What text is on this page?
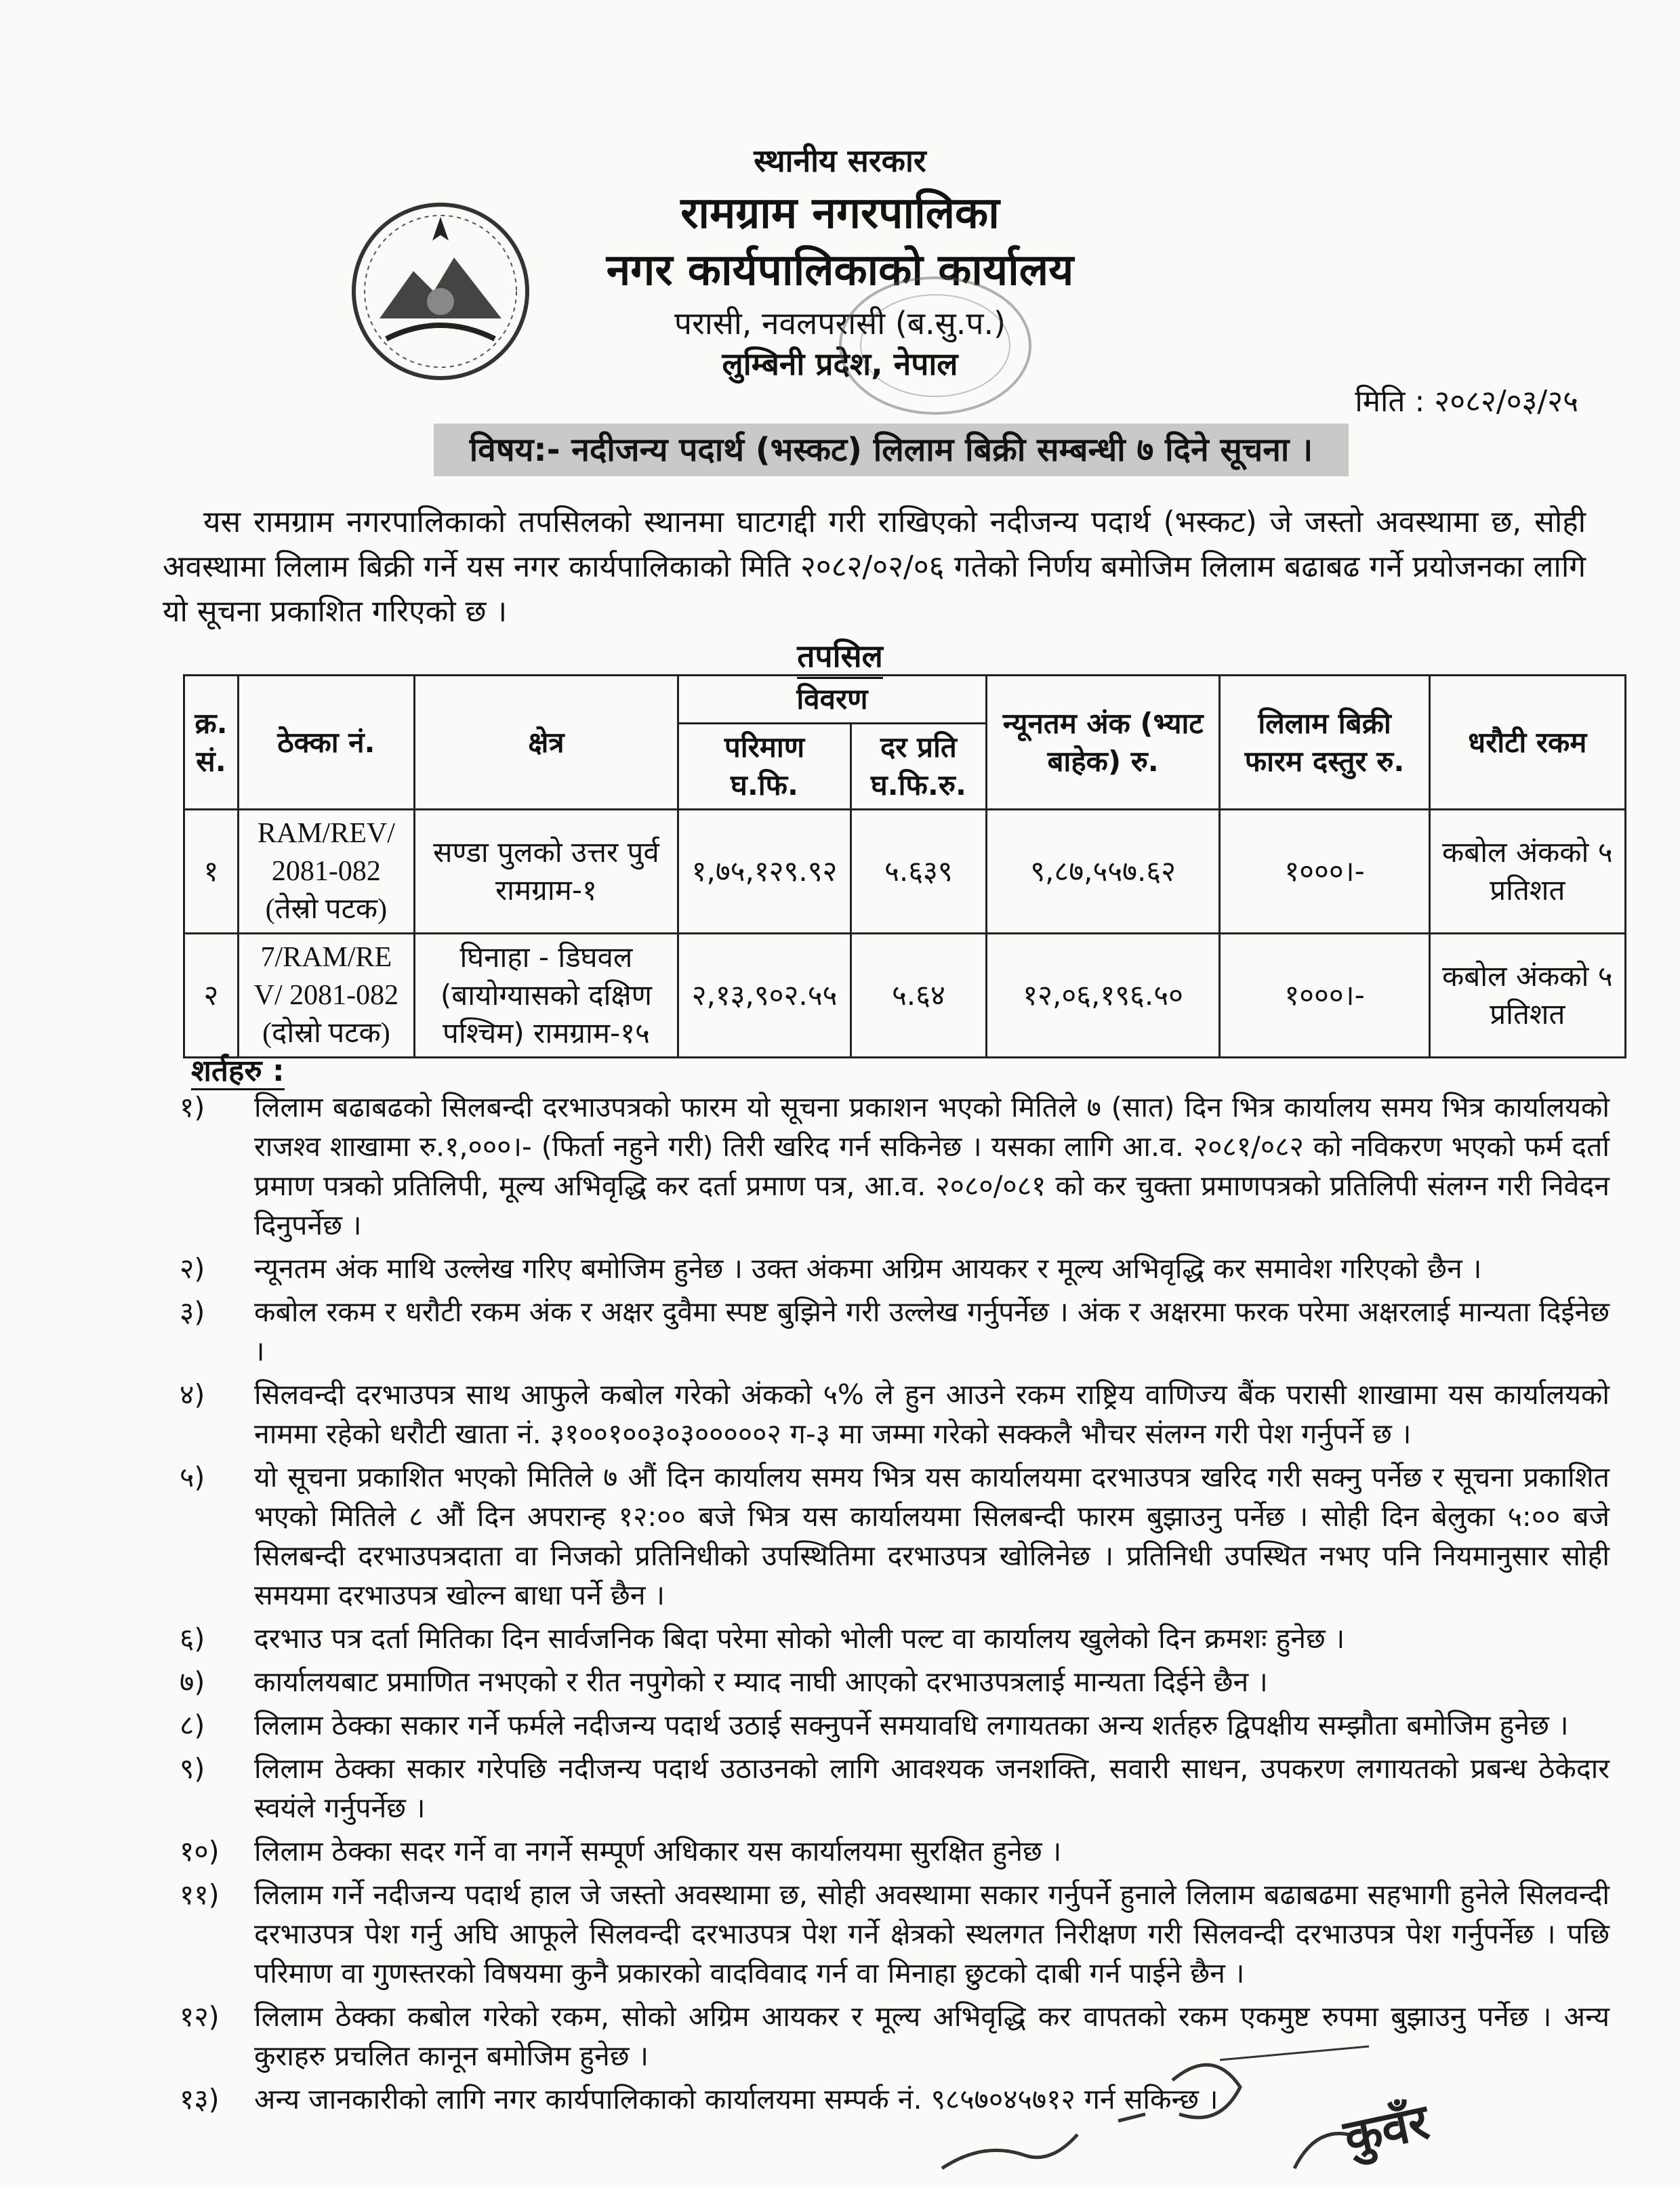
स्थानीय सरकार
रामग्राम नगरपालिका
नगर कार्यपालिकाको कार्यालय
परासी, नवलपरासी (ब.सु.प.)
लुम्बिनी प्रदेश, नेपाल
मिति : २०८२/०३/२५
विषय:- नदीजन्य पदार्थ (भस्कट) लिलाम बिक्री सम्बन्धी ७ दिने सूचना ।
यस रामग्राम नगरपालिकाको तपसिलको स्थानमा घाटगद्दी गरी राखिएको नदीजन्य पदार्थ (भस्कट) जे जस्तो अवस्थामा छ, सोही अवस्थामा लिलाम बिक्री गर्ने यस नगर कार्यपालिकाको मिति २०८२/०२/०६ गतेको निर्णय बमोजिम लिलाम बढाबढ गर्ने प्रयोजनका लागि यो सूचना प्रकाशित गरिएको छ ।
तपसिल
क्र. सं.	ठेक्का नं.	क्षेत्र	विवरण		न्यूनतम अंक (भ्याट बाहेक) रु.	लिलाम बिक्री फारम दस्तुर रु.	धरौटी रकम
			परिमाण घ.फि.	दर प्रति घ.फि.रु.			
१	RAM/REV/ 2081-082 (तेस्रो पटक)	सण्डा पुलको उत्तर पुर्व रामग्राम-१	१,७५,१२९.९२	५.६३९	९,८७,५५७.६२	१०००।-	कबोल अंकको ५ प्रतिशत
२	7/RAM/RE V/ 2081-082 (दोस्रो पटक)	घिनाहा - डिघवल (बायोग्यासको दक्षिण पश्चिम) रामग्राम-१५	२,१३,९०२.५५	५.६४	१२,०६,१९६.५०	१०००।-	कबोल अंकको ५ प्रतिशत
शर्तहरु :
१)	लिलाम बढाबढको सिलबन्दी दरभाउपत्रको फारम यो सूचना प्रकाशन भएको मितिले ७ (सात) दिन भित्र कार्यालय समय भित्र कार्यालयको राजश्व शाखामा रु.१,०००।- (फिर्ता नहुने गरी) तिरी खरिद गर्न सकिनेछ । यसका लागि आ.व. २०८१/०८२ को नविकरण भएको फर्म दर्ता प्रमाण पत्रको प्रतिलिपी, मूल्य अभिवृद्धि कर दर्ता प्रमाण पत्र, आ.व. २०८०/०८१ को कर चुक्ता प्रमाणपत्रको प्रतिलिपी संलग्न गरी निवेदन दिनुपर्नेछ ।
२)	न्यूनतम अंक माथि उल्लेख गरिए बमोजिम हुनेछ । उक्त अंकमा अग्रिम आयकर र मूल्य अभिवृद्धि कर समावेश गरिएको छैन ।
३)	कबोल रकम र धरौटी रकम अंक र अक्षर दुवैमा स्पष्ट बुझिने गरी उल्लेख गर्नुपर्नेछ । अंक र अक्षरमा फरक परेमा अक्षरलाई मान्यता दिईनेछ ।
४)	सिलवन्दी दरभाउपत्र साथ आफुले कबोल गरेको अंकको ५% ले हुन आउने रकम राष्ट्रिय वाणिज्य बैंक परासी शाखामा यस कार्यालयको नाममा रहेको धरौटी खाता नं. ३१००१००३०३०००००२ ग-३ मा जम्मा गरेको सक्कलै भौचर संलग्न गरी पेश गर्नुपर्ने छ ।
५)	यो सूचना प्रकाशित भएको मितिले ७ औं दिन कार्यालय समय भित्र यस कार्यालयमा दरभाउपत्र खरिद गरी सक्नु पर्नेछ र सूचना प्रकाशित भएको मितिले ८ औं दिन अपरान्ह १२:०० बजे भित्र यस कार्यालयमा सिलबन्दी फारम बुझाउनु पर्नेछ । सोही दिन बेलुका ५:०० बजे सिलबन्दी दरभाउपत्रदाता वा निजको प्रतिनिधीको उपस्थितिमा दरभाउपत्र खोलिनेछ । प्रतिनिधी उपस्थित नभए पनि नियमानुसार सोही समयमा दरभाउपत्र खोल्न बाधा पर्ने छैन ।
६)	दरभाउ पत्र दर्ता मितिका दिन सार्वजनिक बिदा परेमा सोको भोली पल्ट वा कार्यालय खुलेको दिन क्रमशः हुनेछ ।
७)	कार्यालयबाट प्रमाणित नभएको र रीत नपुगेको र म्याद नाघी आएको दरभाउपत्रलाई मान्यता दिईने छैन ।
८)	लिलाम ठेक्का सकार गर्ने फर्मले नदीजन्य पदार्थ उठाई सक्नुपर्ने समयावधि लगायतका अन्य शर्तहरु द्विपक्षीय सम्झौता बमोजिम हुनेछ ।
९)	लिलाम ठेक्का सकार गरेपछि नदीजन्य पदार्थ उठाउनको लागि आवश्यक जनशक्ति, सवारी साधन, उपकरण लगायतको प्रबन्ध ठेकेदार स्वयंले गर्नुपर्नेछ ।
१०)	लिलाम ठेक्का सदर गर्ने वा नगर्ने सम्पूर्ण अधिकार यस कार्यालयमा सुरक्षित हुनेछ ।
११)	लिलाम गर्ने नदीजन्य पदार्थ हाल जे जस्तो अवस्थामा छ, सोही अवस्थामा सकार गर्नुपर्ने हुनाले लिलाम बढाबढमा सहभागी हुनेले सिलवन्दी दरभाउपत्र पेश गर्नु अघि आफूले सिलवन्दी दरभाउपत्र पेश गर्ने क्षेत्रको स्थलगत निरीक्षण गरी सिलवन्दी दरभाउपत्र पेश गर्नुपर्नेछ । पछि परिमाण वा गुणस्तरको विषयमा कुनै प्रकारको वादविवाद गर्न वा मिनाहा छुटको दाबी गर्न पाईने छैन ।
१२)	लिलाम ठेक्का कबोल गरेको रकम, सोको अग्रिम आयकर र मूल्य अभिवृद्धि कर वापतको रकम एकमुष्ट रुपमा बुझाउनु पर्नेछ । अन्य कुराहरु प्रचलित कानून बमोजिम हुनेछ ।
१३)	अन्य जानकारीको लागि नगर कार्यपालिकाको कार्यालयमा सम्पर्क नं. ९८५७०४५७१२ गर्न सकिन्छ ।	कुवँर
